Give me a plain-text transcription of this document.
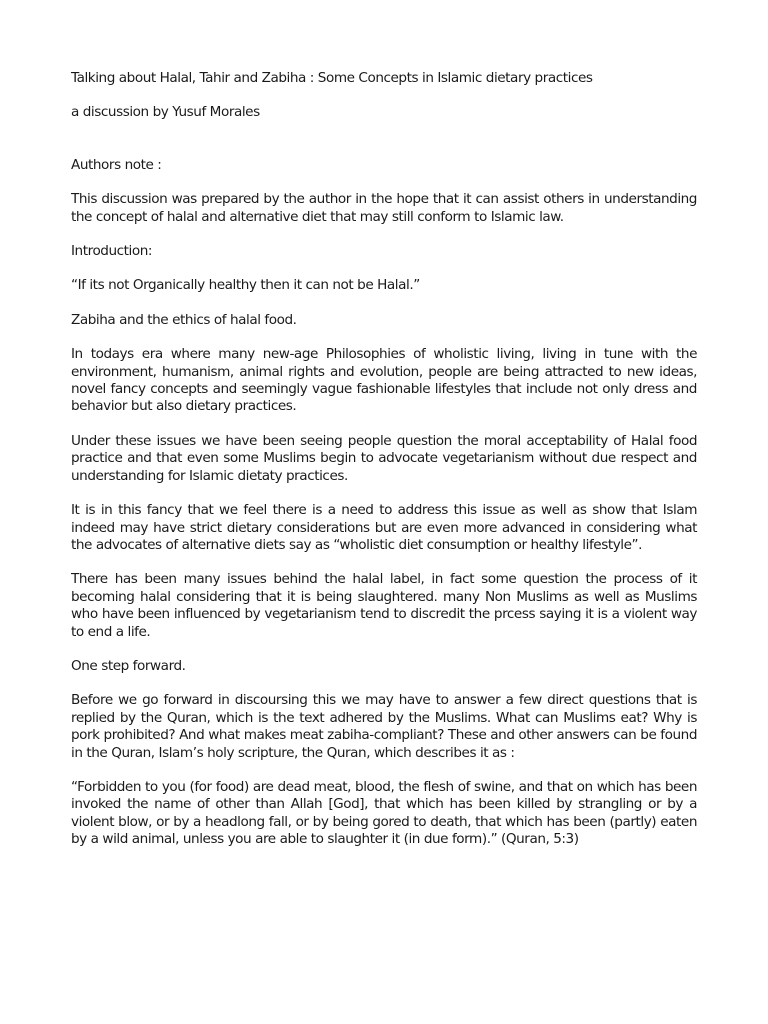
Talking about Halal, Tahir and Zabiha : Some Concepts in Islamic dietary practices

a discussion by Yusuf Morales

Authors note :

This discussion was prepared by the author in the hope that it can assist others in understanding the concept of halal and alternative diet that may still conform to Islamic law.

Introduction:

“If its not Organically healthy then it can not be Halal.”

Zabiha and the ethics of halal food.

In todays era where many new-age Philosophies of wholistic living, living in tune with the environment, humanism, animal rights and evolution, people are being attracted to new ideas, novel fancy concepts and seemingly vague fashionable lifestyles that include not only dress and behavior but also dietary practices.

Under these issues we have been seeing people question the moral acceptability of Halal food practice and that even some Muslims begin to advocate vegetarianism without due respect and understanding for Islamic dietaty practices.

It is in this fancy that we feel there is a need to address this issue as well as show that Islam indeed may have strict dietary considerations but are even more advanced in considering what the advocates of alternative diets say as “wholistic diet consumption or healthy lifestyle”.

There has been many issues behind the halal label, in fact some question the process of it becoming halal considering that it is being slaughtered. many Non Muslims as well as Muslims who have been influenced by vegetarianism tend to discredit the prcess saying it is a violent way to end a life.

One step forward.

Before we go forward in discoursing this we may have to answer a few direct questions that is replied by the Quran, which is the text adhered by the Muslims. What can Muslims eat? Why is pork prohibited? And what makes meat zabiha-compliant? These and other answers can be found in the Quran, Islam’s holy scripture, the Quran, which describes it as :

“Forbidden to you (for food) are dead meat, blood, the flesh of swine, and that on which has been invoked the name of other than Allah [God], that which has been killed by strangling or by a violent blow, or by a headlong fall, or by being gored to death, that which has been (partly) eaten by a wild animal, unless you are able to slaughter it (in due form).” (Quran, 5:3)
